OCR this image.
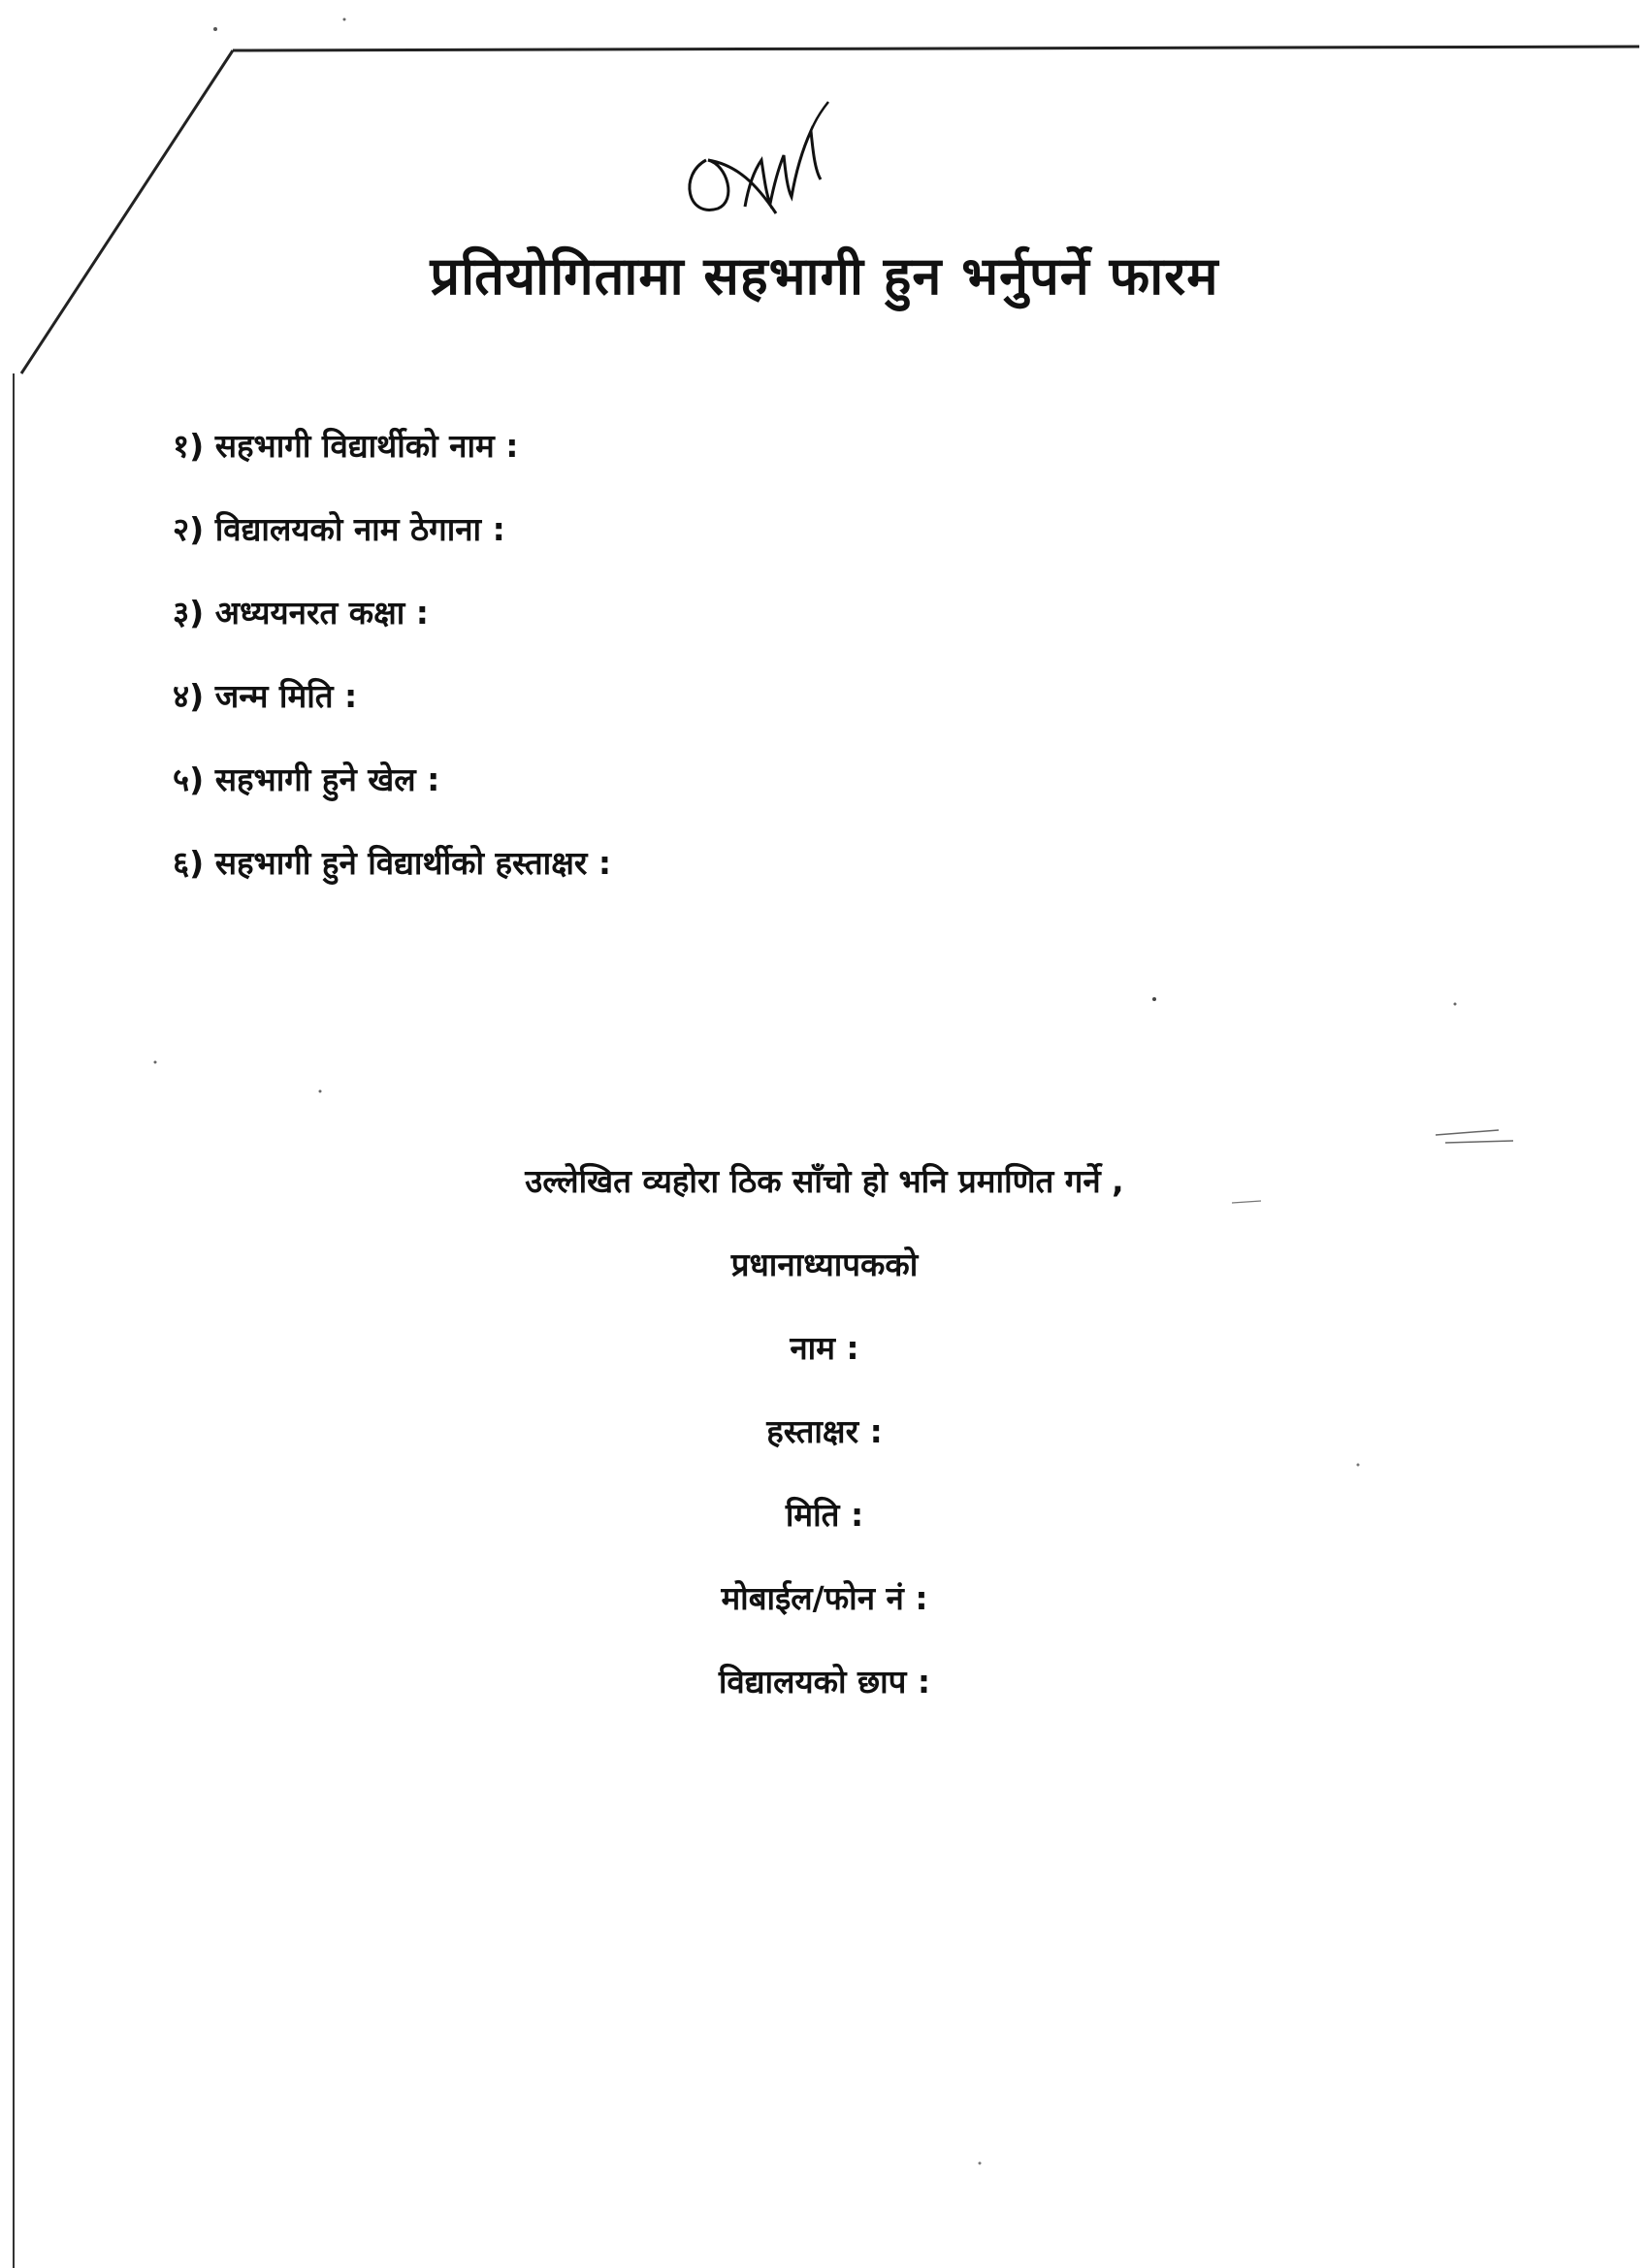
प्रतियोगितामा सहभागी हुन भर्नुपर्ने फारम
१) सहभागी विद्यार्थीको नाम :
२) विद्यालयको नाम ठेगाना :
३) अध्ययनरत कक्षा :
४) जन्म मिति :
५) सहभागी हुने खेल :
६) सहभागी हुने विद्यार्थीको हस्ताक्षर :
उल्लेखित व्यहोरा ठिक साँचो हो भनि प्रमाणित गर्ने ,
प्रधानाध्यापकको
नाम :
हस्ताक्षर :
मिति :
मोबाईल/फोन नं :
विद्यालयको छाप :
